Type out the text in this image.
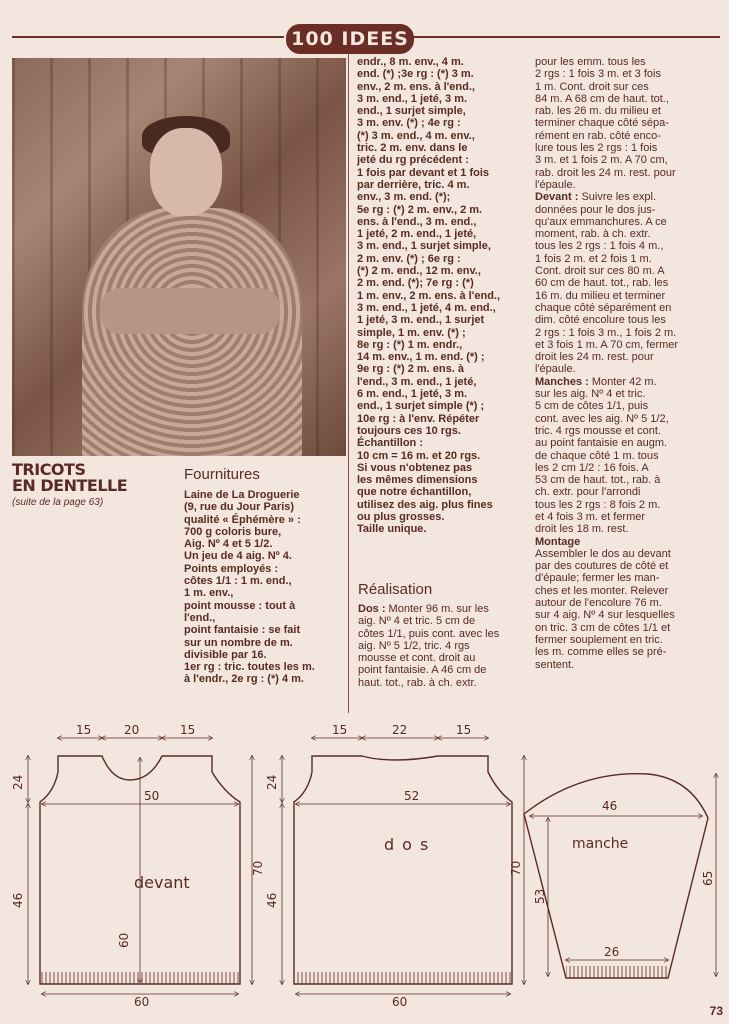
100 IDEES
TRICOTS
EN DENTELLE
(suite de la page 63)
Fournitures

Laine de La Droguerie

(9, rue du Jour Paris)

qualité « Éphémère » :

700 g coloris bure,

Aig. Nº 4 et 5 1/2.

Un jeu de 4 aig. Nº 4.

Points employés :

côtes 1/1 : 1 m. end.,

1 m. env.,

point mousse : tout à

l'end.,

point fantaisie : se fait

sur un nombre de m.

divisible par 16.

1er rg : tric. toutes les m.

à l'endr., 2e rg : (*) 4 m.

endr., 8 m. env., 4 m.

end. (*) ;3e rg : (*) 3 m.

env., 2 m. ens. à l'end.,

3 m. end., 1 jeté, 3 m.

end., 1 surjet simple,

3 m. env. (*) ; 4e rg :

(*) 3 m. end., 4 m. env.,

tric. 2 m. env. dans le

jeté du rg précédent :

1 fois par devant et 1 fois

par derrière, tric. 4 m.

env., 3 m. end. (*);

5e rg : (*) 2 m. env., 2 m.

ens. à l'end., 3 m. end.,

1 jeté, 2 m. end., 1 jeté,

3 m. end., 1 surjet simple,

2 m. env. (*) ; 6e rg :

(*) 2 m. end., 12 m. env.,

2 m. end. (*); 7e rg : (*)

1 m. env., 2 m. ens. à l'end.,

3 m. end., 1 jeté, 4 m. end.,

1 jeté, 3 m. end., 1 surjet

simple, 1 m. env. (*) ;

8e rg : (*) 1 m. endr.,

14 m. env., 1 m. end. (*) ;

9e rg : (*) 2 m. ens. à

l'end., 3 m. end., 1 jeté,

6 m. end., 1 jeté, 3 m.

end., 1 surjet simple (*) ;

10e rg : à l'env. Répéter

toujours ces 10 rgs.

Échantillon :

10 cm = 16 m. et 20 rgs.

Si vous n'obtenez pas

les mêmes dimensions

que notre échantillon,

utilisez des aig. plus fines

ou plus grosses.

Taille unique.

Réalisation
Dos : Monter 96 m. sur les

aig. Nº 4 et tric. 5 cm de

côtes 1/1, puis cont. avec les

aig. Nº 5 1/2, tric. 4 rgs

mousse et cont. droit au

point fantaisie. A 46 cm de

haut. tot., rab. à ch. extr.

pour les emm. tous les

2 rgs : 1 fois 3 m. et 3 fois

1 m. Cont. droit sur ces

84 m. A 68 cm de haut. tot.,

rab. les 26 m. du milieu et

terminer chaque côté sépa-

rément en rab. côté enco-

lure tous les 2 rgs : 1 fois

3 m. et 1 fois 2 m. A 70 cm,

rab. droit les 24 m. rest. pour

l'épaule.

Devant : Suivre les expl.

données pour le dos jus-

qu'aux emmanchures. A ce

moment, rab. à ch. extr.

tous les 2 rgs : 1 fois 4 m.,

1 fois 2 m. et 2 fois 1 m.

Cont. droit sur ces 80 m. A

60 cm de haut. tot., rab. les

16 m. du milieu et terminer

chaque côté séparément en

dim. côté encolure tous les

2 rgs : 1 fois 3 m., 1 fois 2 m.

et 3 fois 1 m. A 70 cm, fermer

droit les 24 m. rest. pour

l'épaule.

Manches : Monter 42 m.

sur les aig. Nº 4 et tric.

5 cm de côtes 1/1, puis

cont. avec les aig. Nº 5 1/2,

tric. 4 rgs mousse et cont.

au point fantaisie en augm.

de chaque côté 1 m. tous

les 2 cm 1/2 : 16 fois. A

53 cm de haut. tot., rab. à

ch. extr. pour l'arrondi

tous les 2 rgs : 8 fois 2 m.

et 4 fois 3 m. et fermer

droit les 18 m. rest.

Montage

Assembler le dos au devant

par des coutures de côté et

d'épaule; fermer les man-

ches et les monter. Relever

autour de l'encolure 76 m.

sur 4 aig. Nº 4 sur lesquelles

on tric. 3 cm de côtes 1/1 et

fermer souplement en tric.

les m. comme elles se pré-

sentent.

15	20	15
50
60
devant
60
24
46
70
15	22	15
52
60
dos
24
46
70
46
26
manche
53
65
73
